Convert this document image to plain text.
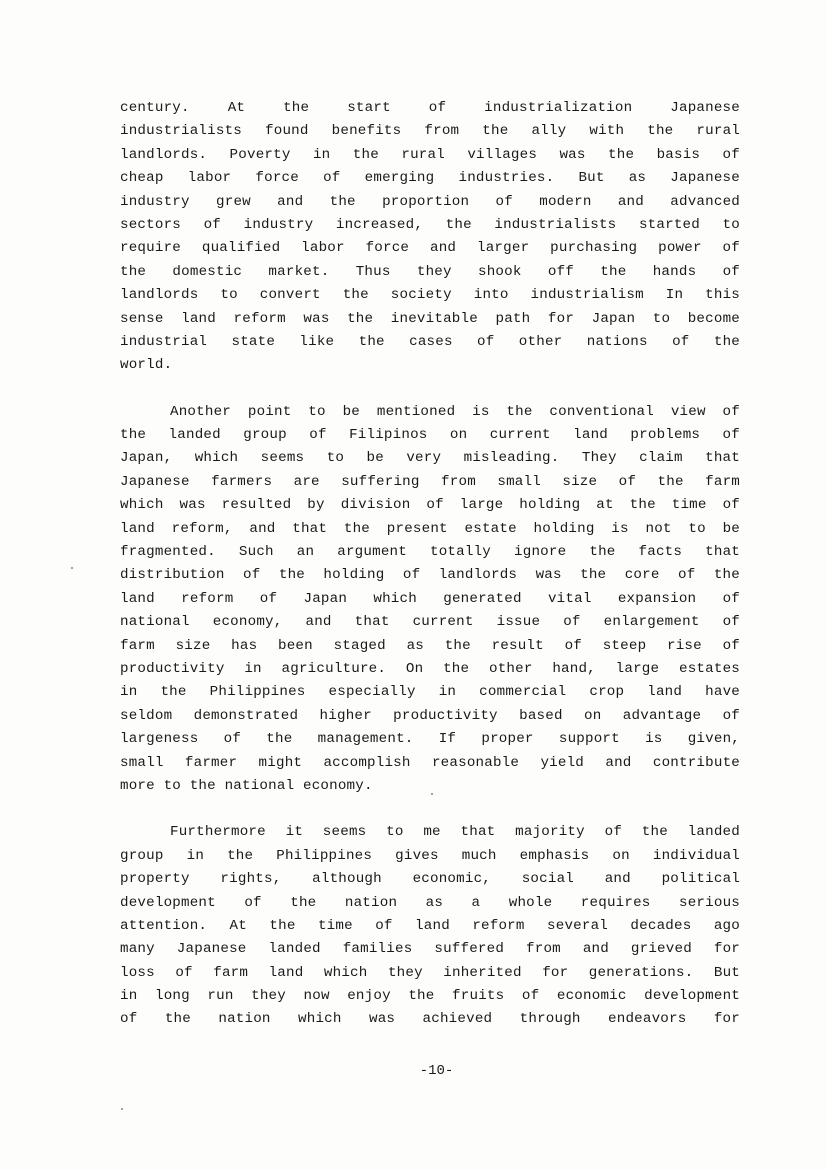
century. At the start of industrialization Japanese
industrialists found benefits from the ally with the rural
landlords. Poverty in the rural villages was the basis of
cheap labor force of emerging industries. But as Japanese
industry grew and the proportion of modern and advanced
sectors of industry increased, the industrialists started to
require qualified labor force and larger purchasing power of
the domestic market. Thus they shook off the hands of
landlords to convert the society into industrialism In this
sense land reform was the inevitable path for Japan to become
industrial state like the cases of other nations of the
world.
Another point to be mentioned is the conventional view of
the landed group of Filipinos on current land problems of
Japan, which seems to be very misleading. They claim that
Japanese farmers are suffering from small size of the farm
which was resulted by division of large holding at the time of
land reform, and that the present estate holding is not to be
fragmented. Such an argument totally ignore the facts that
distribution of the holding of landlords was the core of the
land reform of Japan which generated vital expansion of
national economy, and that current issue of enlargement of
farm size has been staged as the result of steep rise of
productivity in agriculture. On the other hand, large estates
in the Philippines especially in commercial crop land have
seldom demonstrated higher productivity based on advantage of
largeness of the management. If proper support is given,
small farmer might accomplish reasonable yield and contribute
more to the national economy.
Furthermore it seems to me that majority of the landed
group in the Philippines gives much emphasis on individual
property rights, although economic, social and political
development of the nation as a whole requires serious
attention. At the time of land reform several decades ago
many Japanese landed families suffered from and grieved for
loss of farm land which they inherited for generations. But
in long run they now enjoy the fruits of economic development
of the nation which was achieved through endeavors for
-10-
